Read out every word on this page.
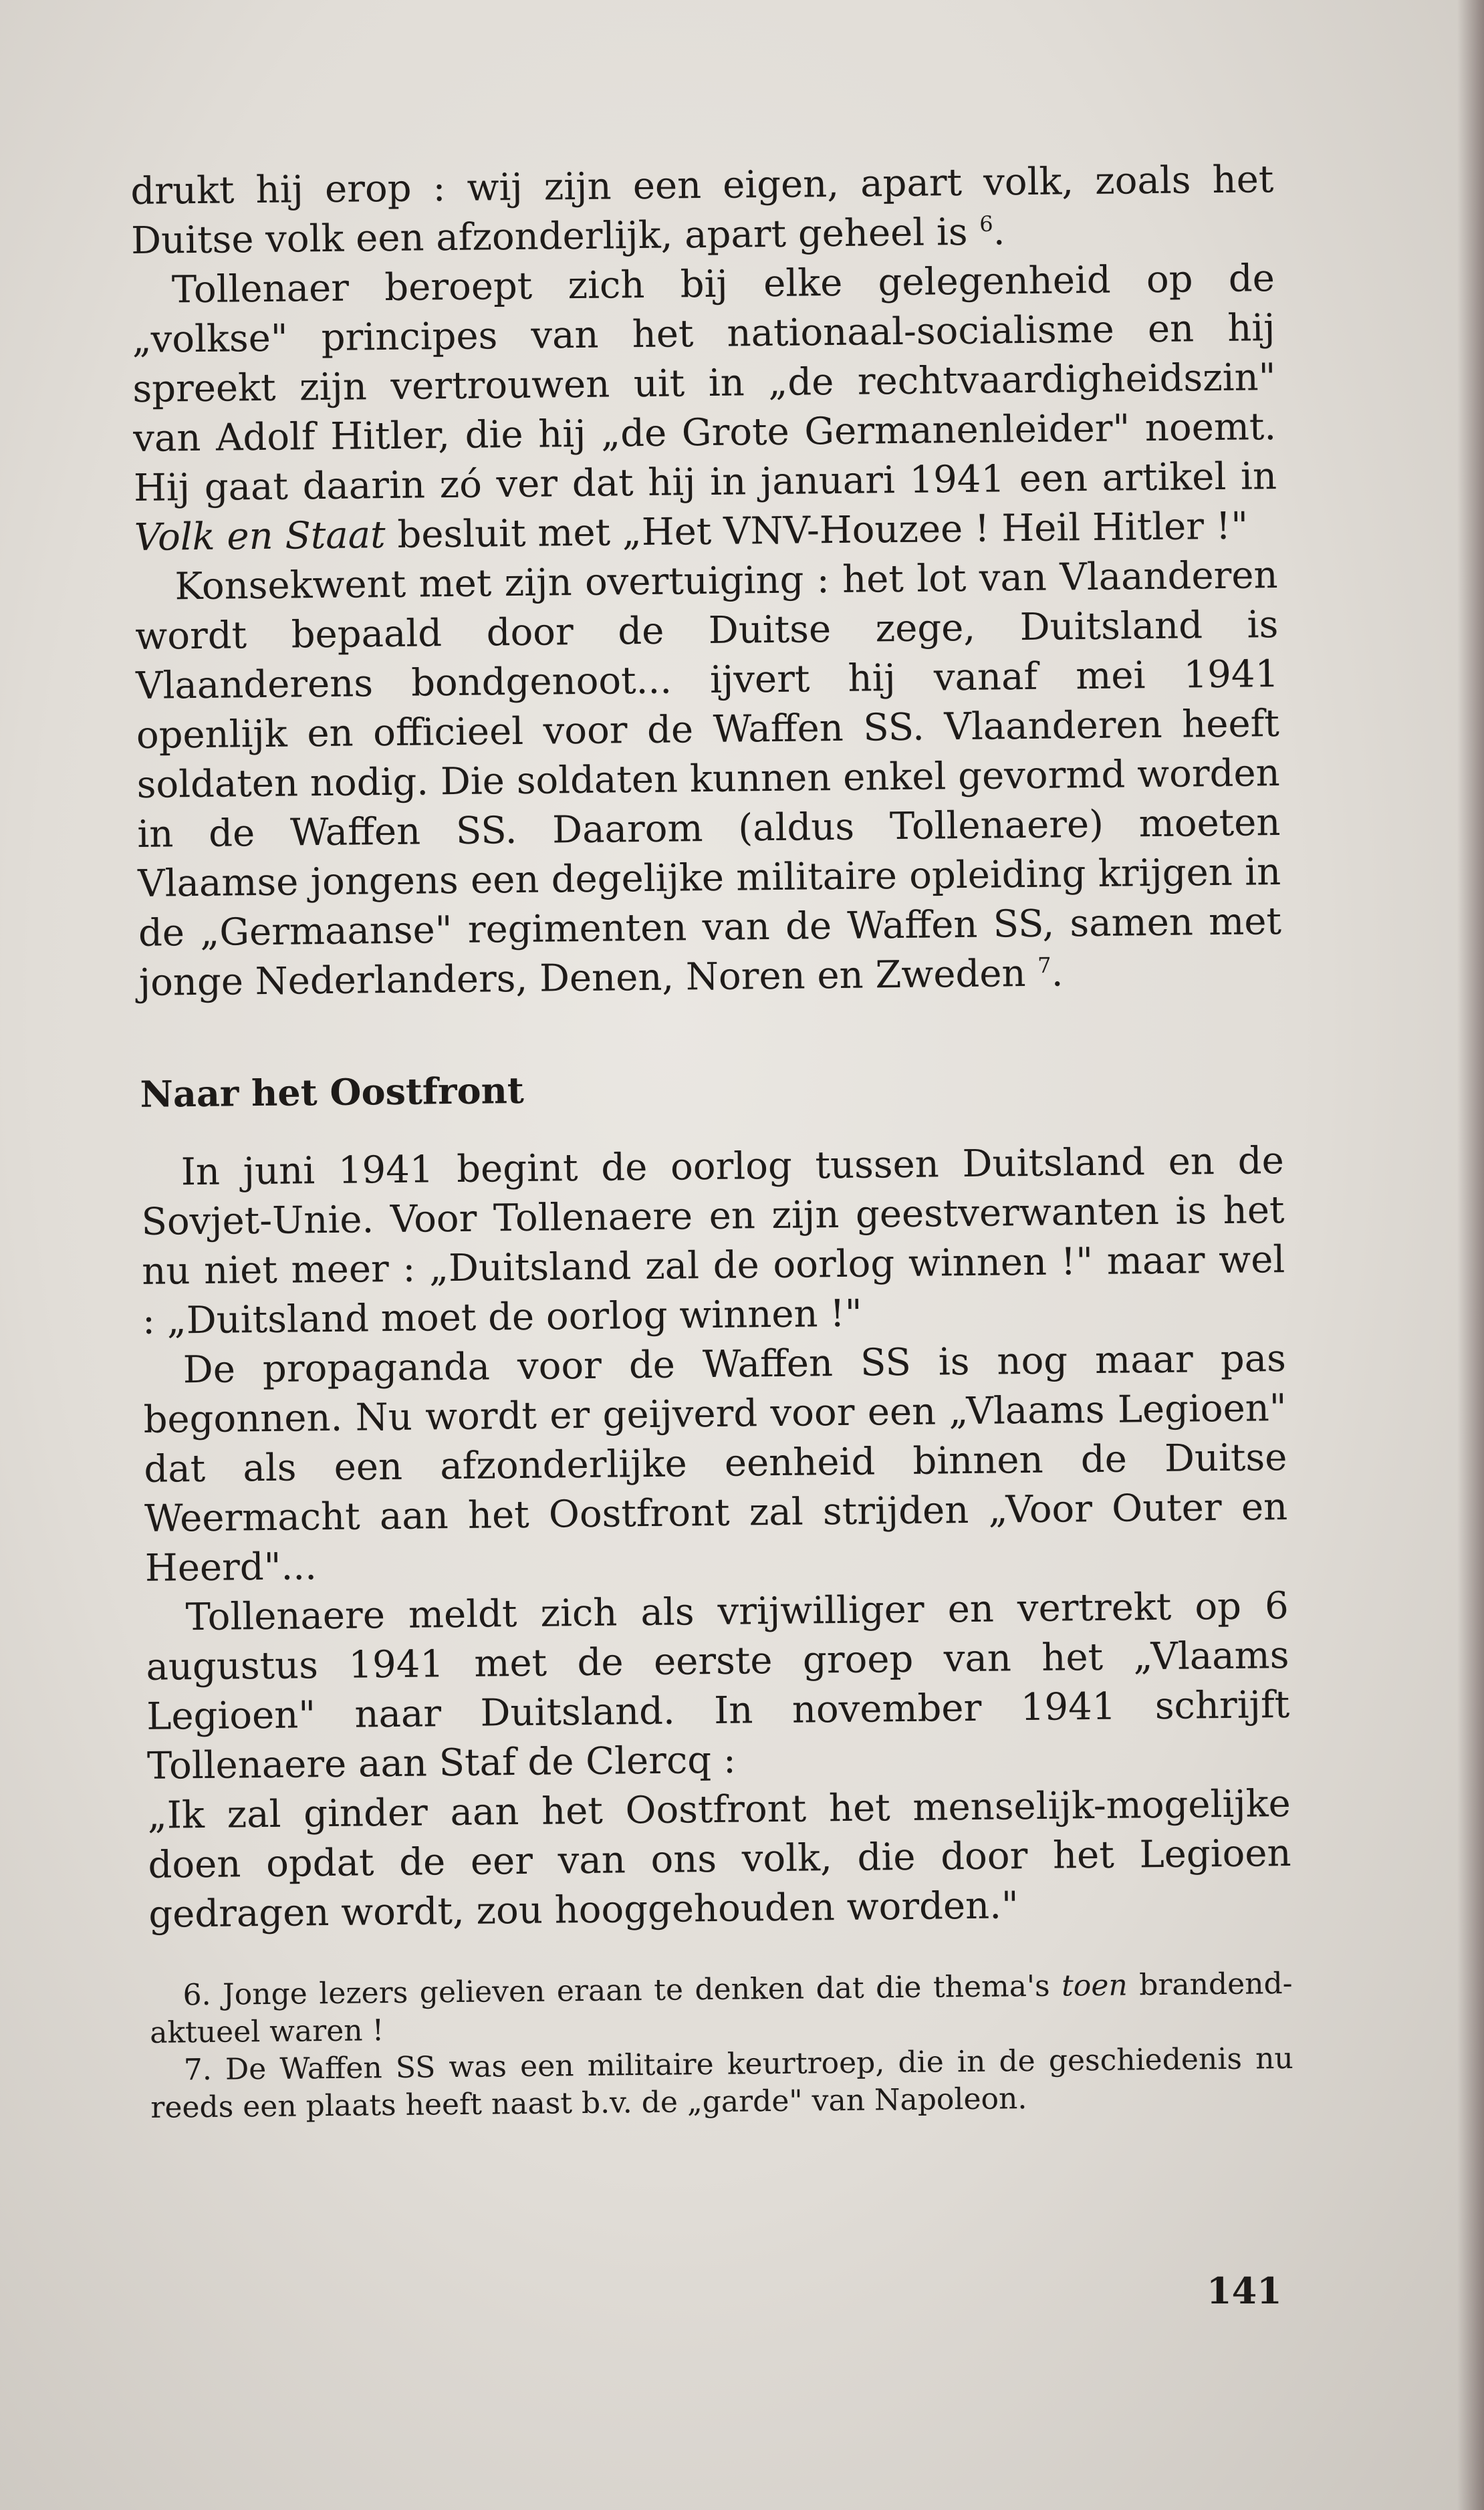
drukt hij erop : wij zijn een eigen, apart volk, zoals het Duitse volk een afzonderlijk, apart geheel is $^6$.

Tollenaer beroept zich bij elke gelegenheid op de „volkse" principes van het nationaal-socialisme en hij spreekt zijn vertrouwen uit in „de rechtvaardigheidszin" van Adolf Hitler, die hij „de Grote Germanenleider" noemt. Hij gaat daarin zó ver dat hij in januari 1941 een artikel in Volk en Staat besluit met „Het VNV-Houzee ! Heil Hitler !"

Konsekwent met zijn overtuiging : het lot van Vlaanderen wordt bepaald door de Duitse zege, Duitsland is Vlaanderens bondgenoot... ijvert hij vanaf mei 1941 openlijk en officieel voor de Waffen SS. Vlaanderen heeft soldaten nodig. Die soldaten kunnen enkel gevormd worden in de Waffen SS. Daarom (aldus Tollenaere) moeten Vlaamse jongens een degelijke militaire opleiding krijgen in de „Germaanse" regimenten van de Waffen SS, samen met jonge Nederlanders, Denen, Noren en Zweden $^7$.

Naar het Oostfront

In juni 1941 begint de oorlog tussen Duitsland en de Sovjet-Unie. Voor Tollenaere en zijn geestverwanten is het nu niet meer : „Duitsland zal de oorlog winnen !" maar wel : „Duitsland moet de oorlog winnen !"

De propaganda voor de Waffen SS is nog maar pas begonnen. Nu wordt er geijverd voor een „Vlaams Legioen" dat als een afzonderlijke eenheid binnen de Duitse Weermacht aan het Oostfront zal strijden „Voor Outer en Heerd"...

Tollenaere meldt zich als vrijwilliger en vertrekt op 6 augustus 1941 met de eerste groep van het „Vlaams Legioen" naar Duitsland. In november 1941 schrijft Tollenaere aan Staf de Clercq :

„Ik zal ginder aan het Oostfront het menselijk-mogelijke doen opdat de eer van ons volk, die door het Legioen gedragen wordt, zou hooggehouden worden."

6. Jonge lezers gelieven eraan te denken dat die thema's toen brandend-aktueel waren !

7. De Waffen SS was een militaire keurtroep, die in de geschiedenis nu reeds een plaats heeft naast b.v. de „garde" van Napoleon.

141
